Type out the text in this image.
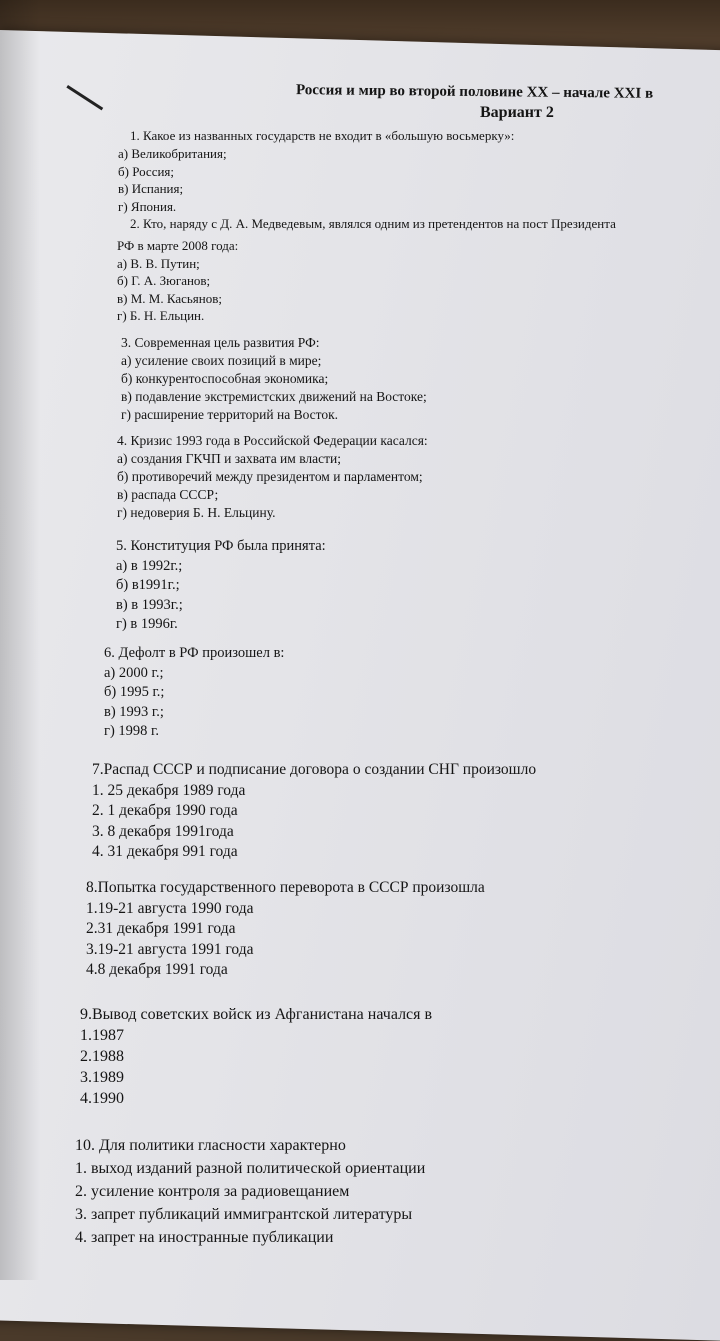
Россия и мир во второй половине XX – начале XXI в
Вариант 2
1. Какое из названных государств не входит в «большую восьмерку»:
а) Великобритания;
б) Россия;
в) Испания;
г) Япония.
2. Кто, наряду с Д. А. Медведевым, являлся одним из претендентов на пост Президента
РФ в марте 2008 года:
а) В. В. Путин;
б) Г. А. Зюганов;
в) М. М. Касьянов;
г) Б. Н. Ельцин.
3. Современная цель развития РФ:
а) усиление своих позиций в мире;
б) конкурентоспособная экономика;
в) подавление экстремистских движений на Востоке;
г) расширение территорий на Восток.
4. Кризис 1993 года в Российской Федерации касался:
а) создания ГКЧП и захвата им власти;
б) противоречий между президентом и парламентом;
в) распада СССР;
г) недоверия Б. Н. Ельцину.
5. Конституция РФ была принята:
а) в 1992г.;
б) в1991г.;
в) в 1993г.;
г) в 1996г.
6. Дефолт в РФ произошел в:
а) 2000 г.;
б) 1995 г.;
в) 1993 г.;
г) 1998 г.
7.Распад СССР и подписание договора о создании СНГ произошло
1. 25 декабря 1989 года
2. 1 декабря 1990 года
3. 8 декабря 1991года
4. 31 декабря 991 года
8.Попытка государственного переворота в СССР произошла
1.19-21 августа 1990 года
2.31 декабря 1991 года
3.19-21 августа 1991 года
4.8 декабря 1991 года
9.Вывод советских войск из Афганистана начался в
1.1987
2.1988
3.1989
4.1990
10. Для политики гласности характерно
1. выход изданий разной политической ориентации
2. усиление контроля за радиовещанием
3. запрет публикаций иммигрантской литературы
4. запрет на иностранные публикации
